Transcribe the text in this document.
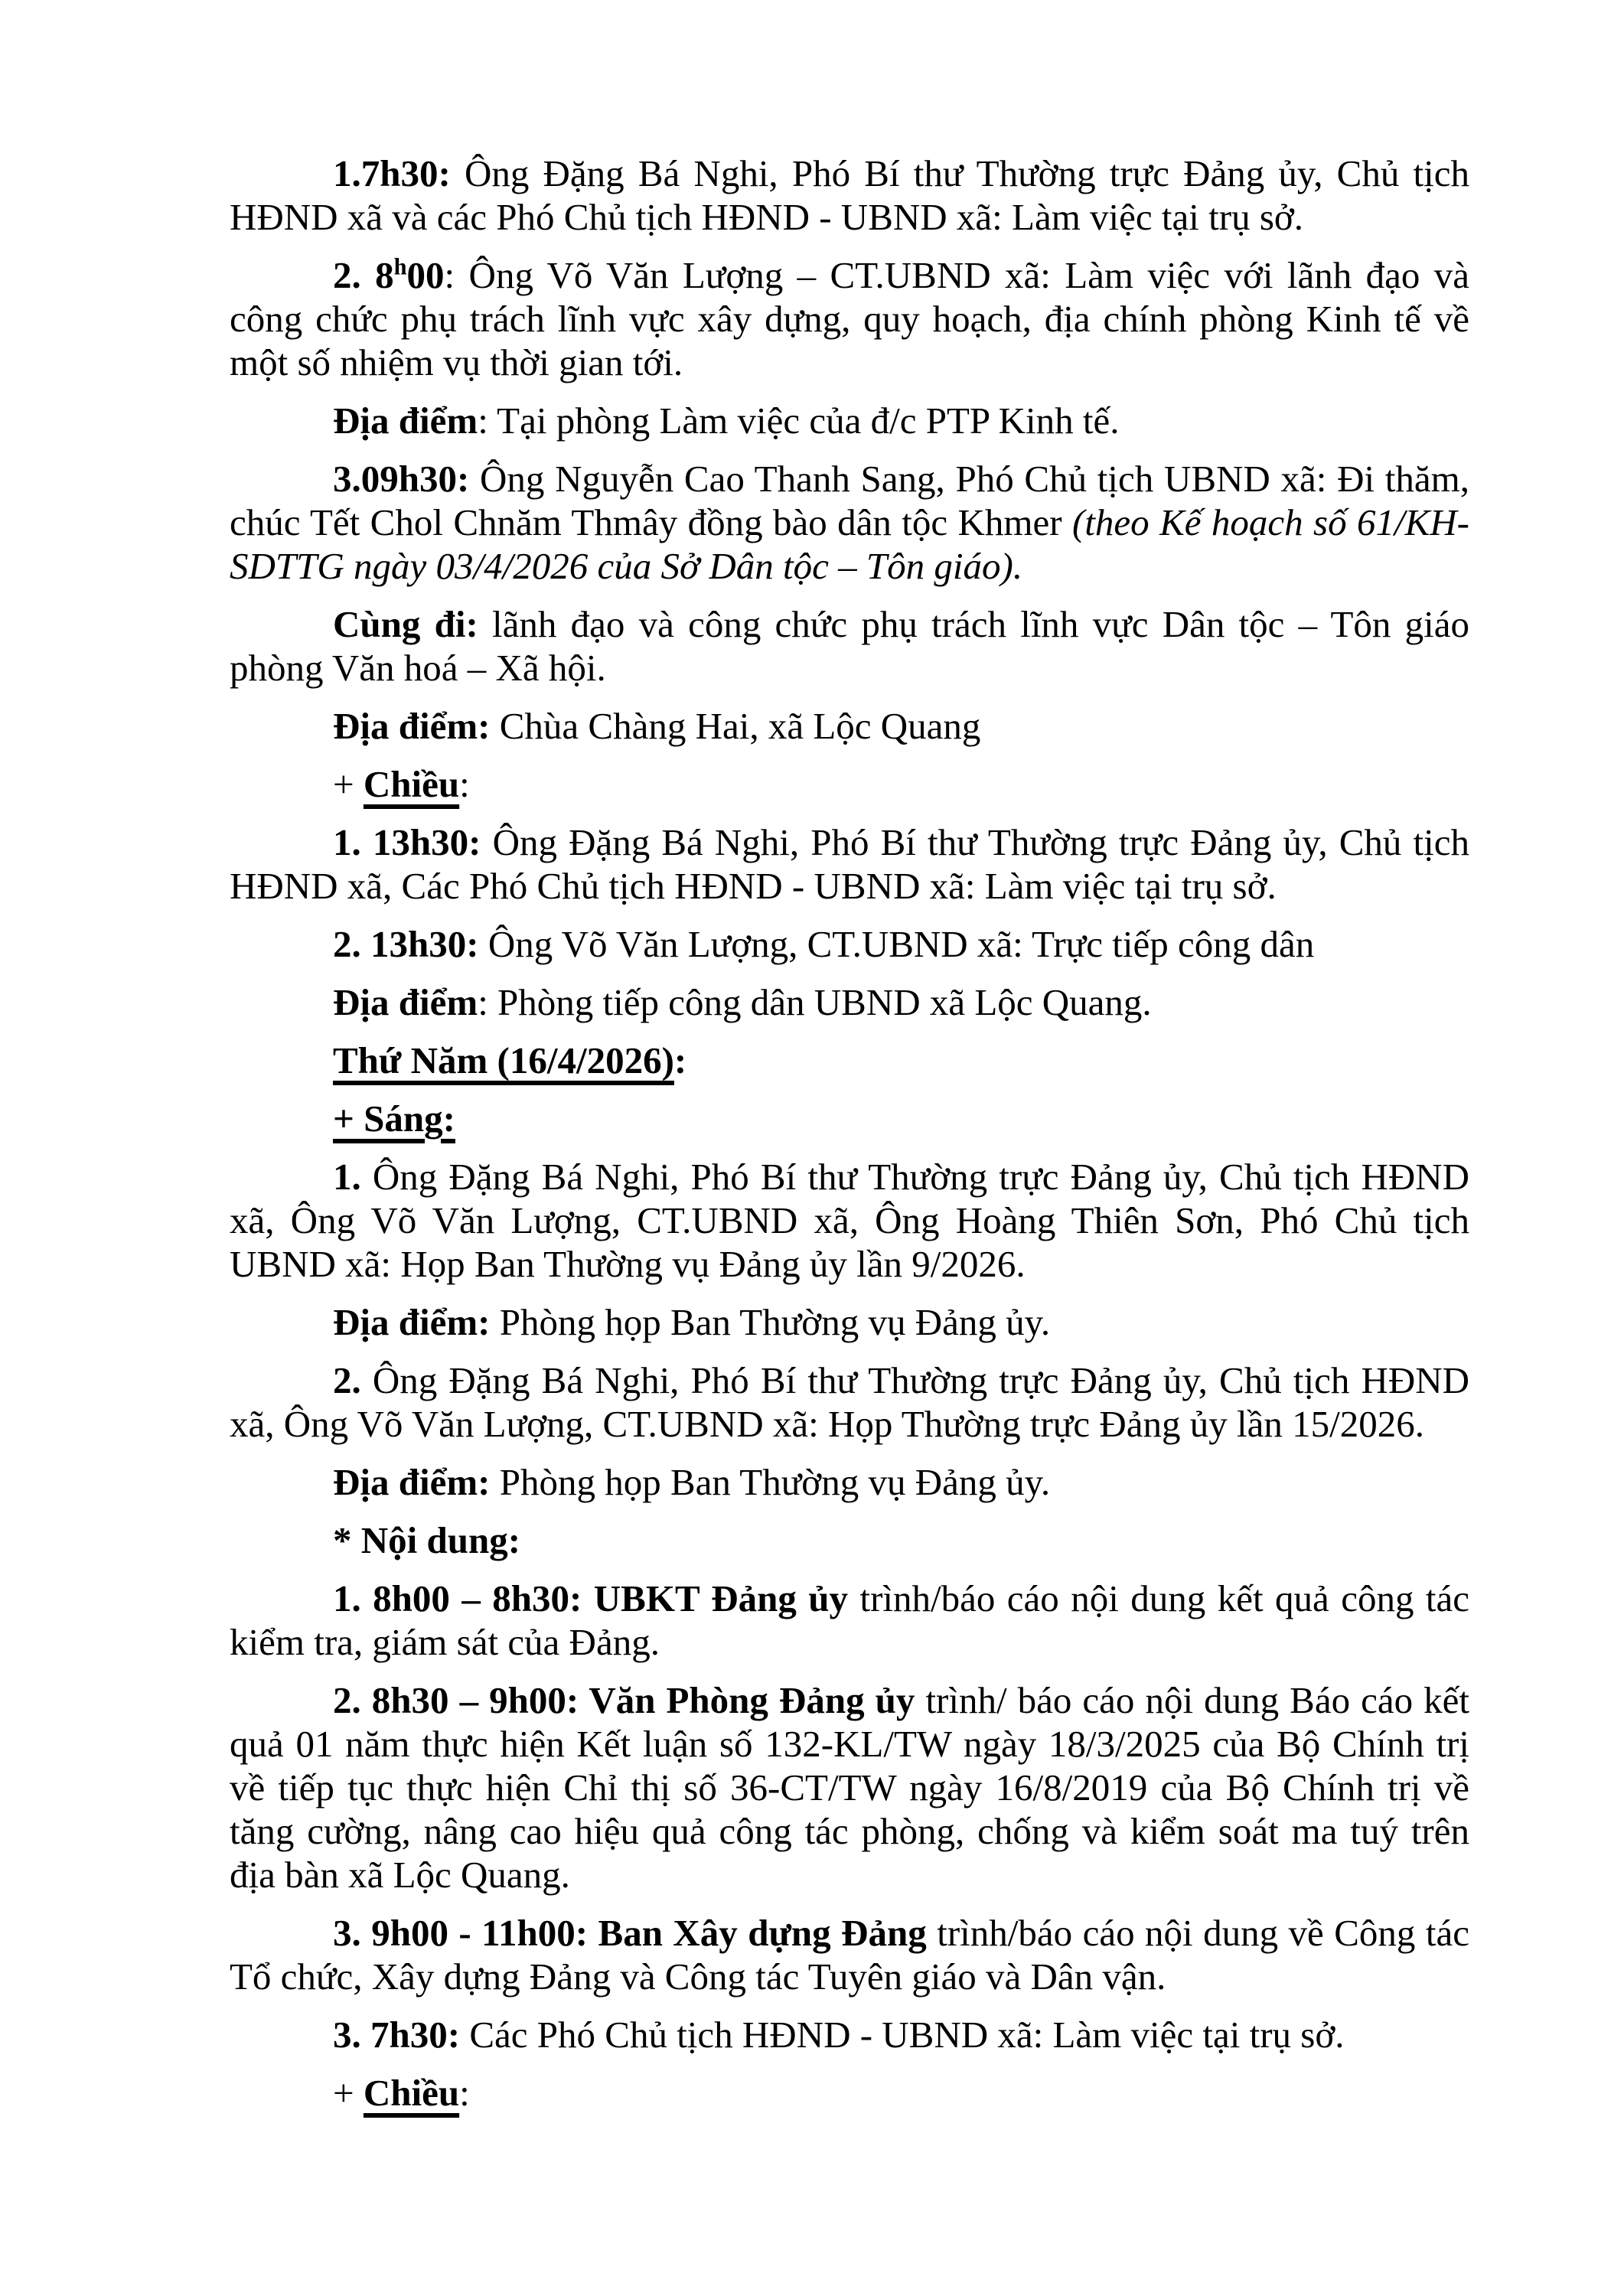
1.7h30: Ông Đặng Bá Nghi, Phó Bí thư Thường trực Đảng ủy, Chủ tịch HĐND xã và các Phó Chủ tịch HĐND - UBND xã: Làm việc tại trụ sở.

2. 8$^h$00: Ông Võ Văn Lượng – CT.UBND xã: Làm việc với lãnh đạo và công chức phụ trách lĩnh vực xây dựng, quy hoạch, địa chính phòng Kinh tế về một số nhiệm vụ thời gian tới.

Địa điểm: Tại phòng Làm việc của đ/c PTP Kinh tế.

3.09h30: Ông Nguyễn Cao Thanh Sang, Phó Chủ tịch UBND xã: Đi thăm, chúc Tết Chol Chnăm Thmây đồng bào dân tộc Khmer (theo Kế hoạch số 61/KH-SDTTG ngày 03/4/2026 của Sở Dân tộc – Tôn giáo).

Cùng đi: lãnh đạo và công chức phụ trách lĩnh vực Dân tộc – Tôn giáo phòng Văn hoá – Xã hội.

Địa điểm: Chùa Chàng Hai, xã Lộc Quang

+ Chiều:

1. 13h30: Ông Đặng Bá Nghi, Phó Bí thư Thường trực Đảng ủy, Chủ tịch HĐND xã, Các Phó Chủ tịch HĐND - UBND xã: Làm việc tại trụ sở.

2. 13h30: Ông Võ Văn Lượng, CT.UBND xã: Trực tiếp công dân

Địa điểm: Phòng tiếp công dân UBND xã Lộc Quang.

Thứ Năm (16/4/2026):

+ Sáng:

1. Ông Đặng Bá Nghi, Phó Bí thư Thường trực Đảng ủy, Chủ tịch HĐND xã, Ông Võ Văn Lượng, CT.UBND xã, Ông Hoàng Thiên Sơn, Phó Chủ tịch UBND xã: Họp Ban Thường vụ Đảng ủy lần 9/2026.

Địa điểm: Phòng họp Ban Thường vụ Đảng ủy.

2. Ông Đặng Bá Nghi, Phó Bí thư Thường trực Đảng ủy, Chủ tịch HĐND xã, Ông Võ Văn Lượng, CT.UBND xã: Họp Thường trực Đảng ủy lần 15/2026.

Địa điểm: Phòng họp Ban Thường vụ Đảng ủy.

* Nội dung:

1. 8h00 – 8h30: UBKT Đảng ủy trình/báo cáo nội dung kết quả công tác kiểm tra, giám sát của Đảng.

2. 8h30 – 9h00: Văn Phòng Đảng ủy trình/ báo cáo nội dung Báo cáo kết quả 01 năm thực hiện Kết luận số 132-KL/TW ngày 18/3/2025 của Bộ Chính trị về tiếp tục thực hiện Chỉ thị số 36-CT/TW ngày 16/8/2019 của Bộ Chính trị về tăng cường, nâng cao hiệu quả công tác phòng, chống và kiểm soát ma tuý trên địa bàn xã Lộc Quang.

3. 9h00 - 11h00: Ban Xây dựng Đảng trình/báo cáo nội dung về Công tác Tổ chức, Xây dựng Đảng và Công tác Tuyên giáo và Dân vận.

3. 7h30: Các Phó Chủ tịch HĐND - UBND xã: Làm việc tại trụ sở.

+ Chiều:
